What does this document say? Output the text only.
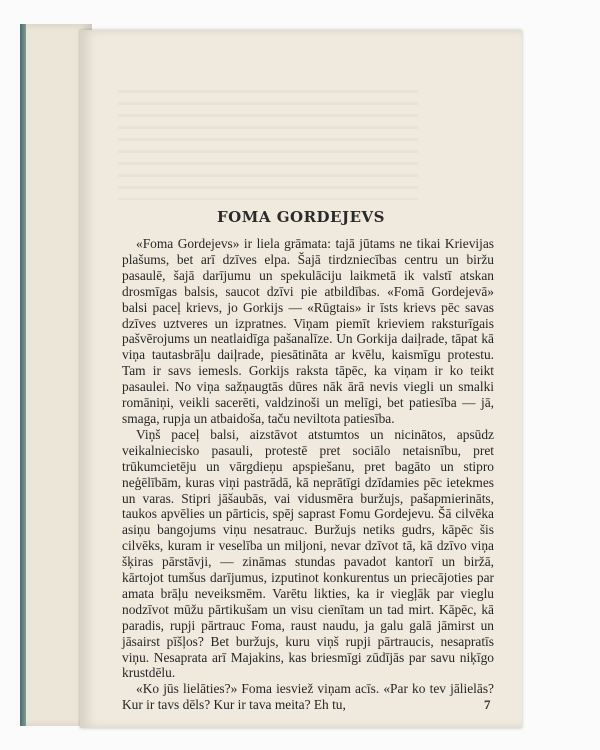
FOMA GORDEJEVS

«Foma Gordejevs» ir liela grāmata: tajā jūtams ne tikai Krievijas plašums, bet arī dzīves elpa. Šajā tirdzniecības centru un biržu pasaulē, šajā darījumu un spekulāciju laikmetā ik valstī atskan drosmīgas balsis, saucot dzīvi pie atbildības. «Fomā Gordejevā» balsi paceļ krievs, jo Gorkijs — «Rūgtais» ir īsts krievs pēc savas dzīves uztveres un izpratnes. Viņam piemīt krieviem raksturīgais pašvērojums un neatlaidīga pašanalīze. Un Gorkija daiļrade, tāpat kā viņa tautasbrāļu daiļrade, piesātināta ar kvēlu, kaismīgu protestu. Tam ir savs iemesls. Gorkijs raksta tāpēc, ka viņam ir ko teikt pasaulei. No viņa sažņaugtās dūres nāk ārā nevis viegli un smalki romāniņi, veikli sacerēti, valdzinoši un melīgi, bet patiesība — jā, smaga, rupja un atbaidoša, taču neviltota patiesība.

Viņš paceļ balsi, aizstāvot atstumtos un nicinātos, apsūdz veikalnieciskо pasauli, protestē pret sociālo netaisnību, pret trūkumcietēju un vārgdieņu apspiešanu, pret bagāto un stipro neģēlībām, kuras viņi pastrādā, kā neprātīgi dzīdamies pēc ietekmes un varas. Stipri jāšaubās, vai vidusmēra buržujs, pašapmierināts, taukos apvēlies un pārticis, spēj saprast Fomu Gordejevu. Šā cilvēka asiņu bangojums viņu nesatrauc. Buržujs netiks gudrs, kāpēc šis cilvēks, kuram ir veselība un miljoni, nevar dzīvot tā, kā dzīvo viņa šķiras pārstāvji, — zināmas stundas pavadot kantorī un biržā, kārtojot tumšus darījumus, izputinot konkurentus un priecājoties par amata brāļu neveiksmēm. Varētu likties, ka ir viegļāk par vieglu nodzīvot mūžu pārtikušam un visu cienītam un tad mirt. Kāpēc, kā paradis, rupji pārtrauc Foma, raust naudu, ja galu galā jāmirst un jāsairst pīšļos? Bet buržujs, kuru viņš rupji pārtraucis, nesapratīs viņu. Nesaprata arī Majakins, kas briesmīgi zūdījās par savu niķīgo krustdēlu.

«Ko jūs lielāties?» Foma iesviež viņam acīs. «Par ko tev jālielās? Kur ir tavs dēls? Kur ir tava meita? Eh tu,	7
